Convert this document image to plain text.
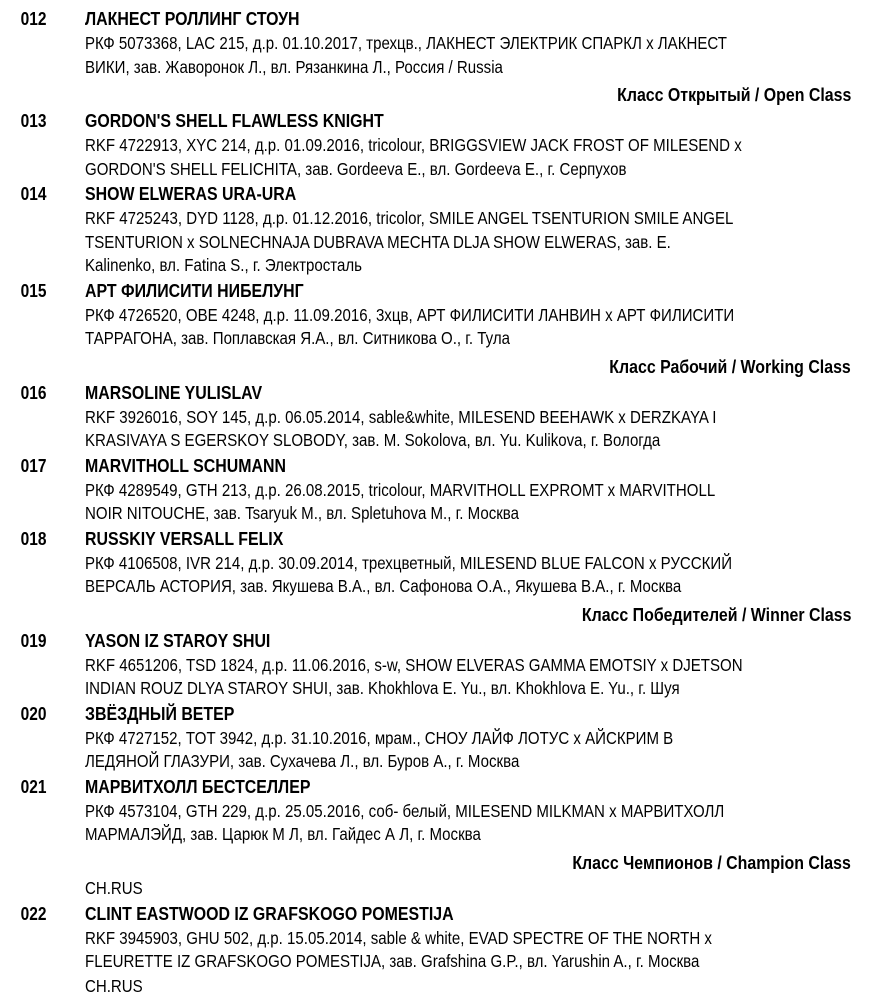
012	ЛАКНЕСТ РОЛЛИНГ СТОУН
РКФ 5073368, LAC 215, д.р. 01.10.2017, трехцв., ЛАКНЕСТ ЭЛЕКТРИК СПАРКЛ х ЛАКНЕСТ
ВИКИ, зав. Жаворонок Л., вл. Рязанкина Л., Россия / Russia
Класс Открытый / Open Class
013	GORDON'S SHELL FLAWLESS KNIGHT
RKF 4722913, XYC 214, д.р. 01.09.2016, tricolour, BRIGGSVIEW JACK FROST OF MILESEND x
GORDON'S SHELL FELICHITA, зав. Gordeeva E., вл. Gordeeva E., г. Серпухов
014	SHOW ELWERAS URA-URA
RKF 4725243, DYD 1128, д.р. 01.12.2016, tricolor, SMILE ANGEL TSENTURION SMILE ANGEL
TSENTURION x SOLNECHNAJA DUBRAVA MECHTA DLJA SHOW ELWERAS, зав. E.
Kalinenko, вл. Fatina S., г. Электросталь
015	АРТ ФИЛИСИТИ НИБЕЛУНГ
РКФ 4726520, OBE 4248, д.р. 11.09.2016, 3хцв, АРТ ФИЛИСИТИ ЛАНВИН х АРТ ФИЛИСИТИ
ТАРРАГОНА, зав. Поплавская Я.А., вл. Ситникова О., г. Тула
Класс Рабочий / Working Class
016	MARSOLINE YULISLAV
RKF 3926016, SOY 145, д.р. 06.05.2014, sable&white, MILESEND BEEHAWK x DERZKAYA I
KRASIVAYA S EGERSKOY SLOBODY, зав. M. Sokolova, вл. Yu. Kulikova, г. Вологда
017	MARVITHOLL SCHUMANN
РКФ 4289549, GTH 213, д.р. 26.08.2015, tricolour, MARVITHOLL EXPROMT x MARVITHOLL
NOIR NITOUCHE, зав. Tsaryuk M., вл. Spletuhova M., г. Москва
018	RUSSKIY VERSALL FELIX
РКФ 4106508, IVR 214, д.р. 30.09.2014, трехцветный, MILESEND BLUE FALCON x РУССКИЙ
ВЕРСАЛЬ АСТОРИЯ, зав. Якушева В.А., вл. Сафонова О.А., Якушева В.А., г. Москва
Класс Победителей / Winner Class
019	YASON IZ STAROY SHUI
RKF 4651206, TSD 1824, д.р. 11.06.2016, s-w, SHOW ELVERAS GAMMA EMOTSIY x DJETSON
INDIAN ROUZ DLYA STAROY SHUI, зав. Khokhlova E. Yu., вл. Khokhlova E. Yu., г. Шуя
020	ЗВЁЗДНЫЙ ВЕТЕР
РКФ 4727152, TOT 3942, д.р. 31.10.2016, мрам., СНОУ ЛАЙФ ЛОТУС х АЙСКРИМ В
ЛЕДЯНОЙ ГЛАЗУРИ, зав. Сухачева Л., вл. Буров А., г. Москва
021	МАРВИТХОЛЛ БЕСТСЕЛЛЕР
РКФ 4573104, GTH 229, д.р. 25.05.2016, соб- белый, MILESEND MILKMAN х МАРВИТХОЛЛ
МАРМАЛЭЙД, зав. Царюк М Л, вл. Гайдес А Л, г. Москва
Класс Чемпионов / Champion Class
CH.RUS
022	CLINT EASTWOOD IZ GRAFSKOGO POMESTIJA
RKF 3945903, GHU 502, д.р. 15.05.2014, sable & white, EVAD SPECTRE OF THE NORTH x
FLEURETTE IZ GRAFSKOGO POMESTIJA, зав. Grafshina G.P., вл. Yarushin A., г. Москва
CH.RUS
